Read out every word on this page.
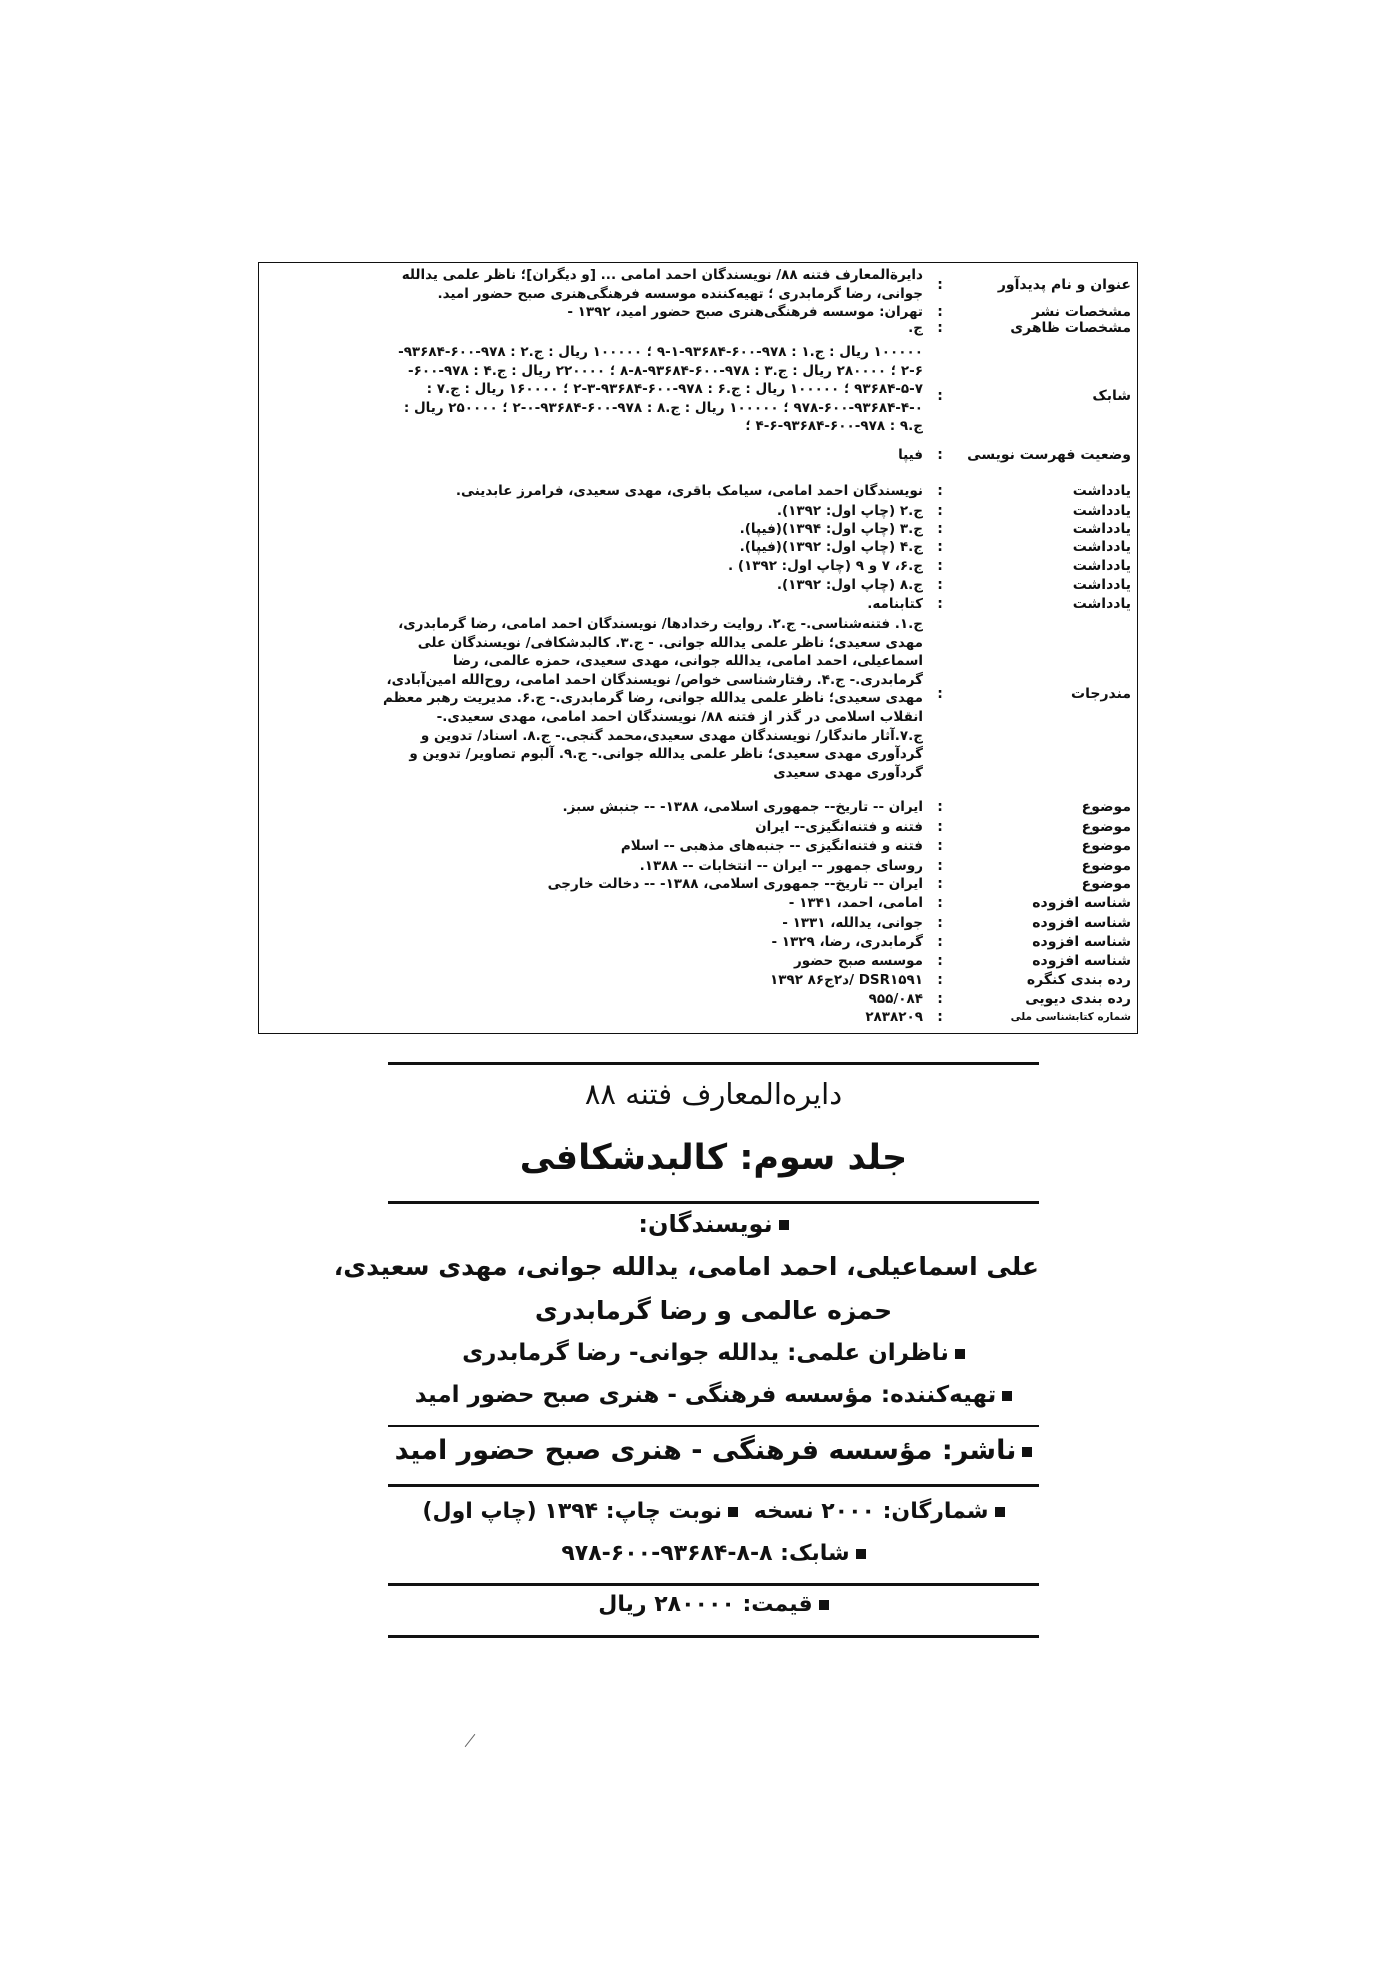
عنوان و نام پدیدآور
:
دایرةالمعارف فتنه ۸۸/ نویسندگان احمد امامی ... [و دیگران]؛ ناظر علمی یدالله
جوانی، رضا گرمابدری ؛ تهیه‌کننده موسسه فرهنگی‌هنری صبح حضور امید.
مشخصات نشر
:
تهران: موسسه فرهنگی‌هنری صبح حضور امید، ۱۳۹۲ -
مشخصات ظاهری
:
ج.
شابک
:
۱۰۰۰۰۰ ریال : ج.۱ : ۹۷۸-۶۰۰-۹۳۶۸۴-۱-۹ ؛ ۱۰۰۰۰۰ ریال : ج.۲ : ۹۷۸-۶۰۰-۹۳۶۸۴-
۲-۶ ؛ ۲۸۰۰۰۰ ریال : ج.۳ : ۹۷۸-۶۰۰-۹۳۶۸۴-۸-۸ ؛ ۲۲۰۰۰۰ ریال : ج.۴ : ۹۷۸-۶۰۰-
۹۳۶۸۴-۵-۷ ؛ ۱۰۰۰۰۰ ریال : ج.۶ : ۹۷۸-۶۰۰-۹۳۶۸۴-۳-۲ ؛ ۱۶۰۰۰۰ ریال : ج.۷ :
۹۷۸-۶۰۰-۹۳۶۸۴-۴-۰ ؛ ۱۰۰۰۰۰ ریال : ج.۸ : ۹۷۸-۶۰۰-۹۳۶۸۴-۰-۲ ؛ ۲۵۰۰۰۰ ریال :
ج.۹ : ۹۷۸-۶۰۰-۹۳۶۸۴-۶-۴ ؛
وضعیت فهرست نویسی
:
فیپا
یادداشت
:
نویسندگان احمد امامی، سیامک باقری، مهدی سعیدی، فرامرز عابدینی.
یادداشت
:
ج.۲ (چاپ اول: ۱۳۹۲).
یادداشت
:
ج.۳ (چاپ اول: ۱۳۹۴)(فیپا).
یادداشت
:
ج.۴ (چاپ اول: ۱۳۹۲)(فیپا).
یادداشت
:
ج.۶، ۷ و ۹ (چاپ اول: ۱۳۹۲) .
یادداشت
:
ج.۸ (چاپ اول: ۱۳۹۲).
یادداشت
:
کتابنامه.
مندرجات
:
ج.۱. فتنه‌شناسی.- ج.۲. روایت رخدادها/ نویسندگان احمد امامی، رضا گرمابدری،
مهدی سعیدی؛ ناظر علمی یدالله جوانی. - ج.۳. کالبدشکافی/ نویسندگان علی
اسماعیلی، احمد امامی، یدالله جوانی، مهدی سعیدی، حمزه عالمی، رضا
گرمابدری.- ج.۴. رفتارشناسی خواص/ نویسندگان احمد امامی، روح‌الله امین‌آبادی،
مهدی سعیدی؛ ناظر علمی یدالله جوانی، رضا گرمابدری.- ج.۶. مدیریت رهبر معظم
انقلاب اسلامی در گذر از فتنه ۸۸/ نویسندگان احمد امامی، مهدی سعیدی.-
ج.۷.آثار ماندگار/ نویسندگان مهدی سعیدی،محمد گنجی.- ج.۸. اسناد/ تدوین و
گردآوری مهدی سعیدی؛ ناظر علمی یدالله جوانی.- ج.۹. آلبوم تصاویر/ تدوین و
گردآوری مهدی سعیدی
موضوع
:
ایران -- تاریخ-- جمهوری اسلامی، ۱۳۸۸- -- جنبش سبز.
موضوع
:
فتنه و فتنه‌انگیزی-- ایران
موضوع
:
فتنه و فتنه‌انگیزی -- جنبه‌های مذهبی -- اسلام
موضوع
:
روسای جمهور -- ایران -- انتخابات -- ۱۳۸۸.
موضوع
:
ایران -- تاریخ-- جمهوری اسلامی، ۱۳۸۸- -- دخالت خارجی
شناسه افزوده
:
امامی، احمد، ۱۳۴۱ -
شناسه افزوده
:
جوانی، یدالله، ۱۳۳۱ -
شناسه افزوده
:
گرمابدری، رضا، ۱۳۲۹ -
شناسه افزوده
:
موسسه صبح حضور
رده بندی کنگره
:
DSR۱۵۹۱ /د۲ج۸۶ ۱۳۹۲
رده بندی دیویی
:
۹۵۵/۰۸۴
شماره کتابشناسی ملی
:
۲۸۳۸۲۰۹
دایره‌المعارف فتنه ۸۸
جلد سوم: کالبدشکافی
نویسندگان:
علی اسماعیلی، احمد امامی، یدالله جوانی، مهدی سعیدی،
حمزه عالمی و رضا گرمابدری
ناظران علمی: یدالله جوانی- رضا گرمابدری
تهیه‌کننده: مؤسسه فرهنگی - هنری صبح حضور امید
ناشر: مؤسسه فرهنگی - هنری صبح حضور امید
شمارگان: ۲۰۰۰ نسخه نوبت چاپ: ۱۳۹۴ (چاپ اول)
شابک: ۸-۸-۹۳۶۸۴-۶۰۰-۹۷۸
قیمت: ۲۸۰۰۰۰ ریال
